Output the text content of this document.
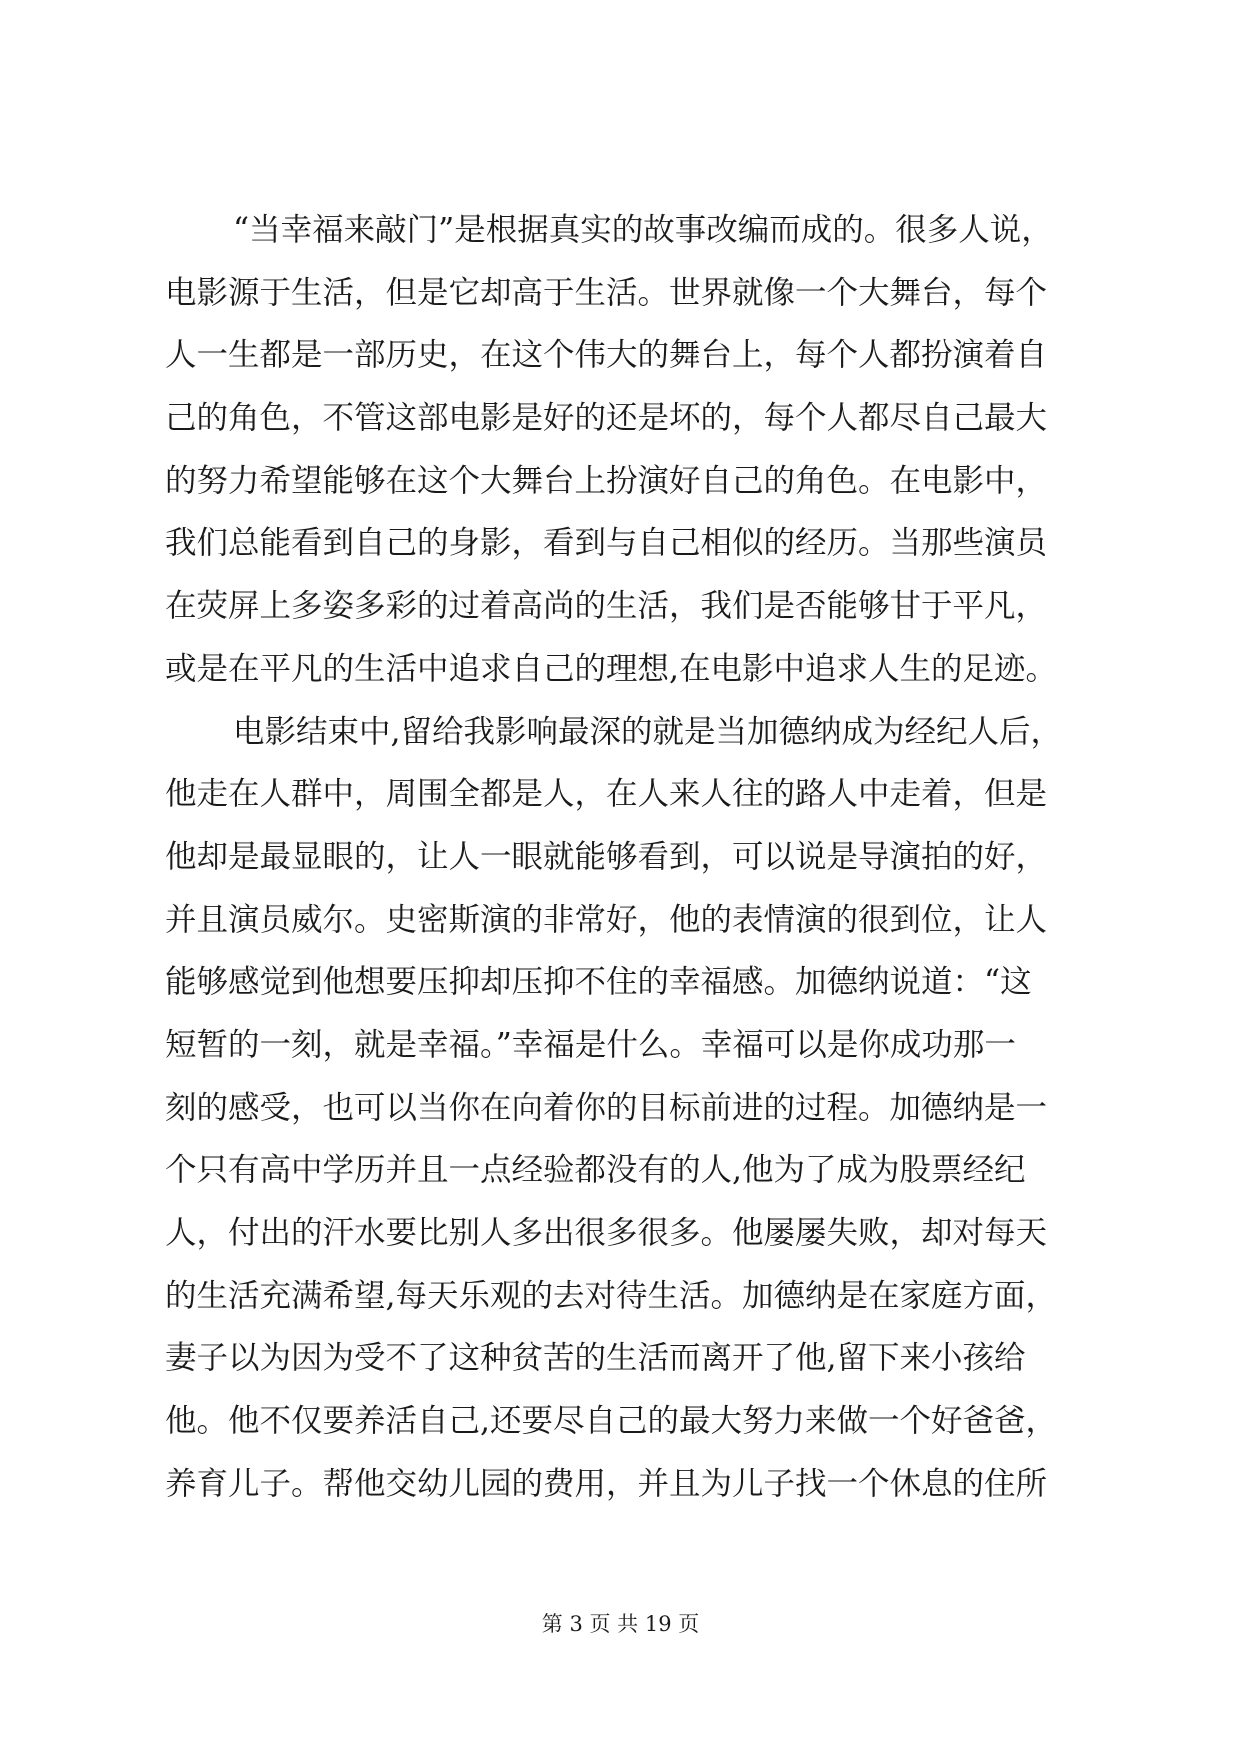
“当幸福来敲门”是根据真实的故事改编而成的。很多人说，
电影源于生活，但是它却高于生活。世界就像一个大舞台，每个
人一生都是一部历史，在这个伟大的舞台上，每个人都扮演着自
己的角色，不管这部电影是好的还是坏的，每个人都尽自己最大
的努力希望能够在这个大舞台上扮演好自己的角色。在电影中，
我们总能看到自己的身影，看到与自己相似的经历。当那些演员
在荧屏上多姿多彩的过着高尚的生活，我们是否能够甘于平凡，
或是在平凡的生活中追求自己的理想,在电影中追求人生的足迹。
电影结束中,留给我影响最深的就是当加德纳成为经纪人后，
他走在人群中，周围全都是人，在人来人往的路人中走着，但是
他却是最显眼的，让人一眼就能够看到，可以说是导演拍的好，
并且演员威尔。史密斯演的非常好，他的表情演的很到位，让人
能够感觉到他想要压抑却压抑不住的幸福感。加德纳说道：“这
短暂的一刻，就是幸福。”幸福是什么。幸福可以是你成功那一
刻的感受，也可以当你在向着你的目标前进的过程。加德纳是一
个只有高中学历并且一点经验都没有的人,他为了成为股票经纪
人，付出的汗水要比别人多出很多很多。他屡屡失败，却对每天
的生活充满希望,每天乐观的去对待生活。加德纳是在家庭方面，
妻子以为因为受不了这种贫苦的生活而离开了他,留下来小孩给
他。他不仅要养活自己,还要尽自己的最大努力来做一个好爸爸，
养育儿子。帮他交幼儿园的费用，并且为儿子找一个休息的住所
第 3 页 共 19 页
